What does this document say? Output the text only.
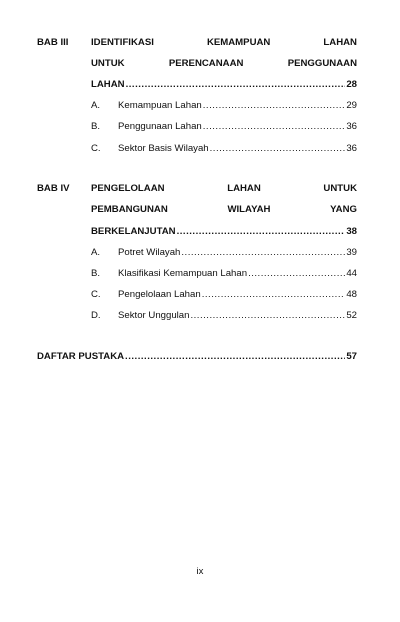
BAB III IDENTIFIKASI	KEMAMPUAN	LAHAN
UNTUK	PERENCANAAN	PENGGUNAAN
LAHAN .....	28
A.	Kemampuan Lahan .....	29
B.	Penggunaan Lahan .....	36
C.	Sektor Basis Wilayah .....	36
BAB IV PENGELOLAAN	LAHAN	UNTUK
PEMBANGUNAN	WILAYAH	YANG
BERKELANJUTAN .....	38
A.	Potret Wilayah .....	39
B.	Klasifikasi Kemampuan Lahan .....	44
C.	Pengelolaan Lahan .....	48
D.	Sektor Unggulan .....	52
DAFTAR PUSTAKA .....	57
ix
